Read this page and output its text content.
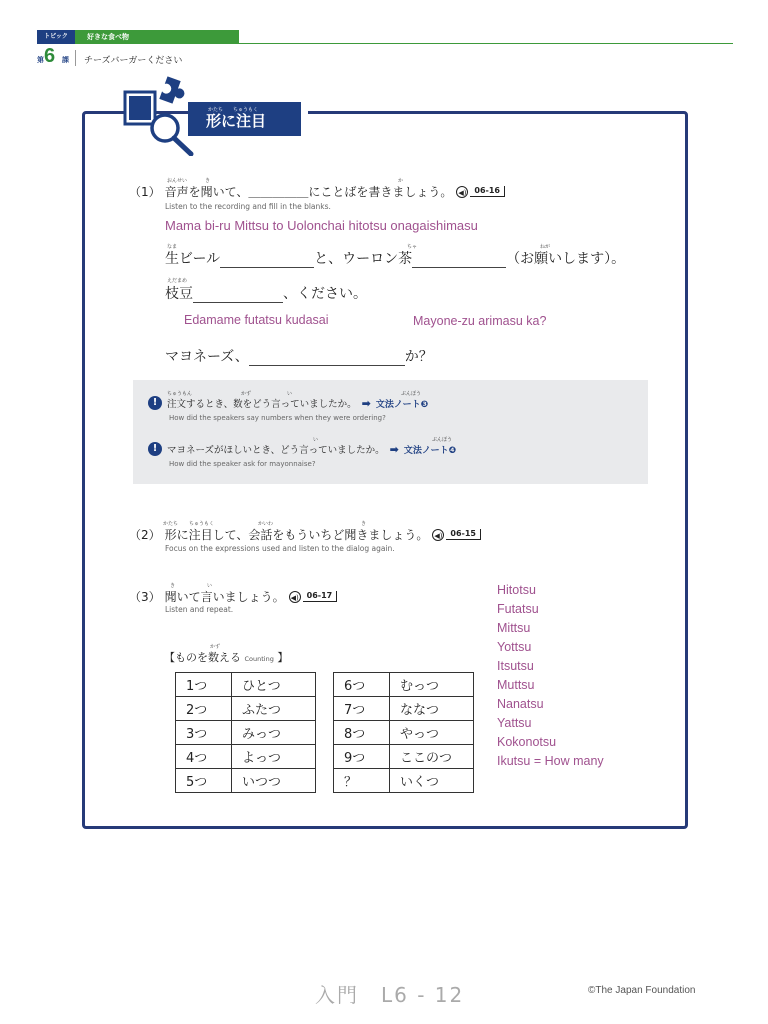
トピック	好きな食べ物
第 6 課 チーズバーガーください
形に注目
かたち ちゅうもく
おんせい	き	か
（1） 音声を聞いて、＿＿＿＿＿にことばを書きましょう。 ◀) 06-16
Listen to the recording and fill in the blanks.
Mama bi-ru Mittsu to Uolonchai hitotsu onagaishimasu
なま	ちゃ	ねが
生ビール	と、ウーロン茶	（お願いします）。
えだまめ
枝豆	、ください。
Edamame futatsu kudasai	Mayone-zu arimasu ka?
マヨネーズ、	か？
ちゅうもん	かず	い	ぶんぽう
!	注文するとき、数をどう言っていましたか。 ➡ 文法ノート❸
How did the speakers say numbers when they were ordering?
い	ぶんぽう
!	マヨネーズがほしいとき、どう言っていましたか。 ➡ 文法ノート❹
How did the speaker ask for mayonnaise?
かたち ちゅうもく	かいわ	き
（2） 形に注目して、会話をもういちど聞きましょう。 ◀) 06-15
Focus on the expressions used and listen to the dialog again.
き	い
（3） 聞いて言いましょう。 ◀) 06-17
Listen and repeat.
かず
【ものを数える Counting 】
1つ	ひとつ
2つ	ふたつ
3つ	みっつ
4つ	よっつ
5つ	いつつ
6つ	むっつ
7つ	ななつ
8つ	やっつ
9つ	ここのつ
？	いくつ
Hitotsu
Futatsu
Mittsu
Yottsu
Itsutsu
Muttsu
Nanatsu
Yattsu
Kokonotsu
Ikutsu = How many
入門　L6 - 12	©The Japan Foundation
